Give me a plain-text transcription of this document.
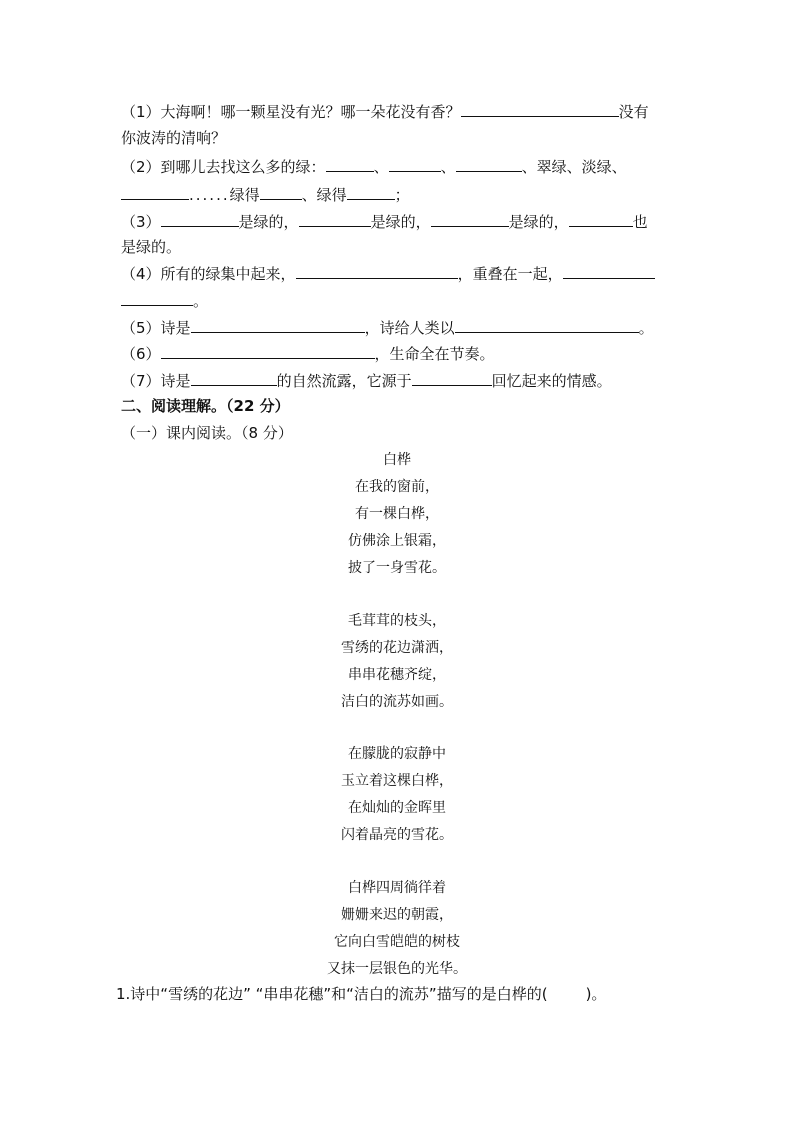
（1）大海啊！哪一颗星没有光？哪一朵花没有香？	没有
你波涛的清响？
（2）到哪儿去找这么多的绿：	、	、	、翠绿、淡绿、
......绿得	、绿得	；
（3）	是绿的，	是绿的，	是绿的，	也
是绿的。
（4）所有的绿集中起来，	，重叠在一起，
。
（5）诗是	，诗给人类以	。
（6）	，生命全在节奏。
（7）诗是	的自然流露，它源于	回忆起来的情感。
二、阅读理解。（22 分）
（一）课内阅读。（8 分）
白桦
在我的窗前，
有一棵白桦，
仿佛涂上银霜，
披了一身雪花。
毛茸茸的枝头，
雪绣的花边潇洒，
串串花穗齐绽，
洁白的流苏如画。
在朦胧的寂静中
玉立着这棵白桦，
在灿灿的金晖里
闪着晶亮的雪花。
白桦四周徜徉着
姗姗来迟的朝霞，
它向白雪皑皑的树枝
又抹一层银色的光华。
1.诗中“雪绣的花边” “串串花穗”和“洁白的流苏”描写的是白桦的(	)。
